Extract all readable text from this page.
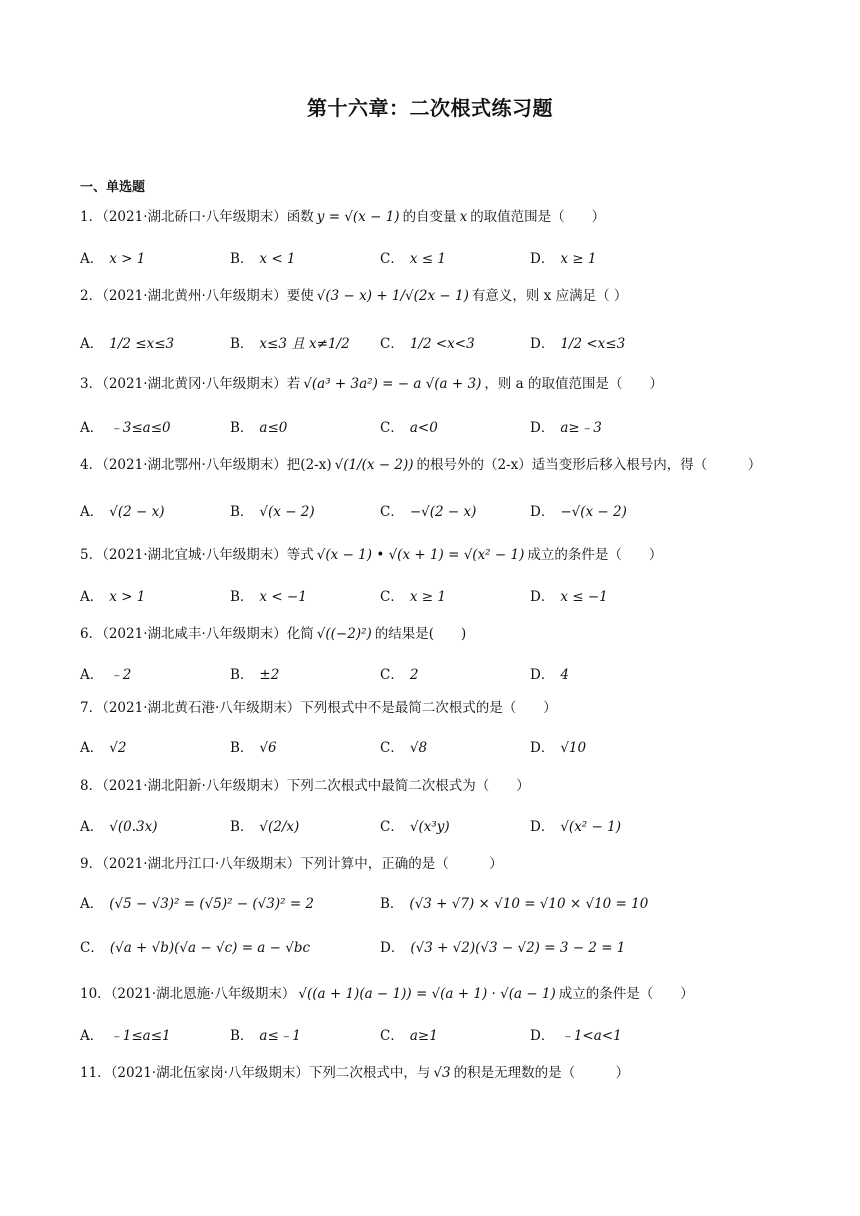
第十六章：二次根式练习题
一、单选题
1．（2021·湖北硚口·八年级期末）函数 y = √(x − 1) 的自变量 x 的取值范围是（　　）
A． x > 1	B． x < 1	C． x ≤ 1	D． x ≥ 1
2．（2021·湖北黄州·八年级期末）要使 √(3 − x) + 1/√(2x − 1) 有意义，则 x 应满足（ ）
A． 1/2 ≤x≤3	B． x≤3 且 x≠1/2 C． 1/2 <x<3	D． 1/2 <x≤3
3．（2021·湖北黄冈·八年级期末）若 √(a³ + 3a²) = − a √(a + 3) ，则 a 的取值范围是（　　）
A． ﹣3≤a≤0	B． a≤0	C． a<0	D． a≥﹣3
4．（2021·湖北鄂州·八年级期末）把(2-x) √(1/(x − 2)) 的根号外的（2-x）适当变形后移入根号内，得（　　　）
A． √(2 − x)	B． √(x − 2)	C． −√(2 − x)	D． −√(x − 2)
5．（2021·湖北宜城·八年级期末）等式 √(x − 1) • √(x + 1) = √(x² − 1) 成立的条件是（　　）
A． x > 1	B． x < −1	C． x ≥ 1	D． x ≤ −1
6．（2021·湖北咸丰·八年级期末）化简 √((−2)²) 的结果是(　　)
A． ﹣2	B． ±2	C． 2	D． 4
7．（2021·湖北黄石港·八年级期末）下列根式中不是最简二次根式的是（　　）
A． √2	B． √6	C． √8	D． √10
8．（2021·湖北阳新·八年级期末）下列二次根式中最简二次根式为（　　）
A． √(0.3x)	B． √(2/x)	C． √(x³y)	D． √(x² − 1)
9．（2021·湖北丹江口·八年级期末）下列计算中，正确的是（　　　）
A． (√5 − √3)² = (√5)² − (√3)² = 2	B． (√3 + √7) × √10 = √10 × √10 = 10
C． (√a + √b)(√a − √c) = a − √bc	D． (√3 + √2)(√3 − √2) = 3 − 2 = 1
10．（2021·湖北恩施·八年级期末） √((a + 1)(a − 1)) = √(a + 1) · √(a − 1) 成立的条件是（　　）
A． ﹣1≤a≤1	B． a≤﹣1	C． a≥1	D． ﹣1<a<1
11．（2021·湖北伍家岗·八年级期末）下列二次根式中，与 √3 的积是无理数的是（　　　）
